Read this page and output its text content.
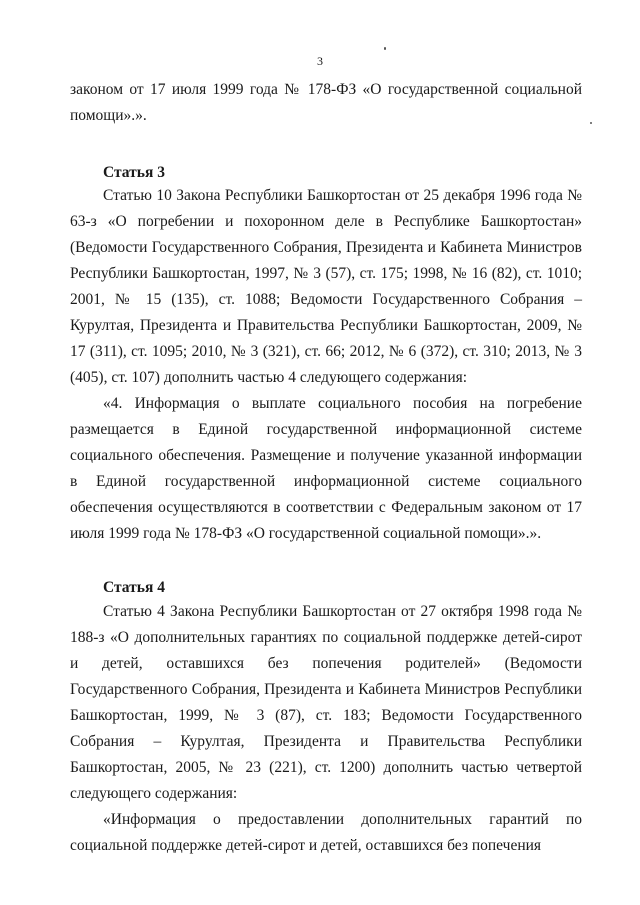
3

законом от 17 июля 1999 года № 178-ФЗ «О государственной социальной помощи».».

Статья 3

Статью 10 Закона Республики Башкортостан от 25 декабря 1996 года № 63-з «О погребении и похоронном деле в Республике Башкортостан» (Ведомости Государственного Собрания, Президента и Кабинета Министров Республики Башкортостан, 1997, № 3 (57), ст. 175; 1998, № 16 (82), ст. 1010; 2001, № 15 (135), ст. 1088; Ведомости Государственного Собрания – Курултая, Президента и Правительства Республики Башкортостан, 2009, № 17 (311), ст. 1095; 2010, № 3 (321), ст. 66; 2012, № 6 (372), ст. 310; 2013, № 3 (405), ст. 107) дополнить частью 4 следующего содержания:

«4. Информация о выплате социального пособия на погребение размещается в Единой государственной информационной системе социального обеспечения. Размещение и получение указанной информации в Единой государственной информационной системе социального обеспечения осуществляются в соответствии с Федеральным законом от 17 июля 1999 года № 178-ФЗ «О государственной социальной помощи».».

Статья 4

Статью 4 Закона Республики Башкортостан от 27 октября 1998 года № 188-з «О дополнительных гарантиях по социальной поддержке детей-сирот и детей, оставшихся без попечения родителей» (Ведомости Государственного Собрания, Президента и Кабинета Министров Республики Башкортостан, 1999, № 3 (87), ст. 183; Ведомости Государственного Собрания – Курултая, Президента и Правительства Республики Башкортостан, 2005, № 23 (221), ст. 1200) дополнить частью четвертой следующего содержания:

«Информация о предоставлении дополнительных гарантий по социальной поддержке детей-сирот и детей, оставшихся без попечения
